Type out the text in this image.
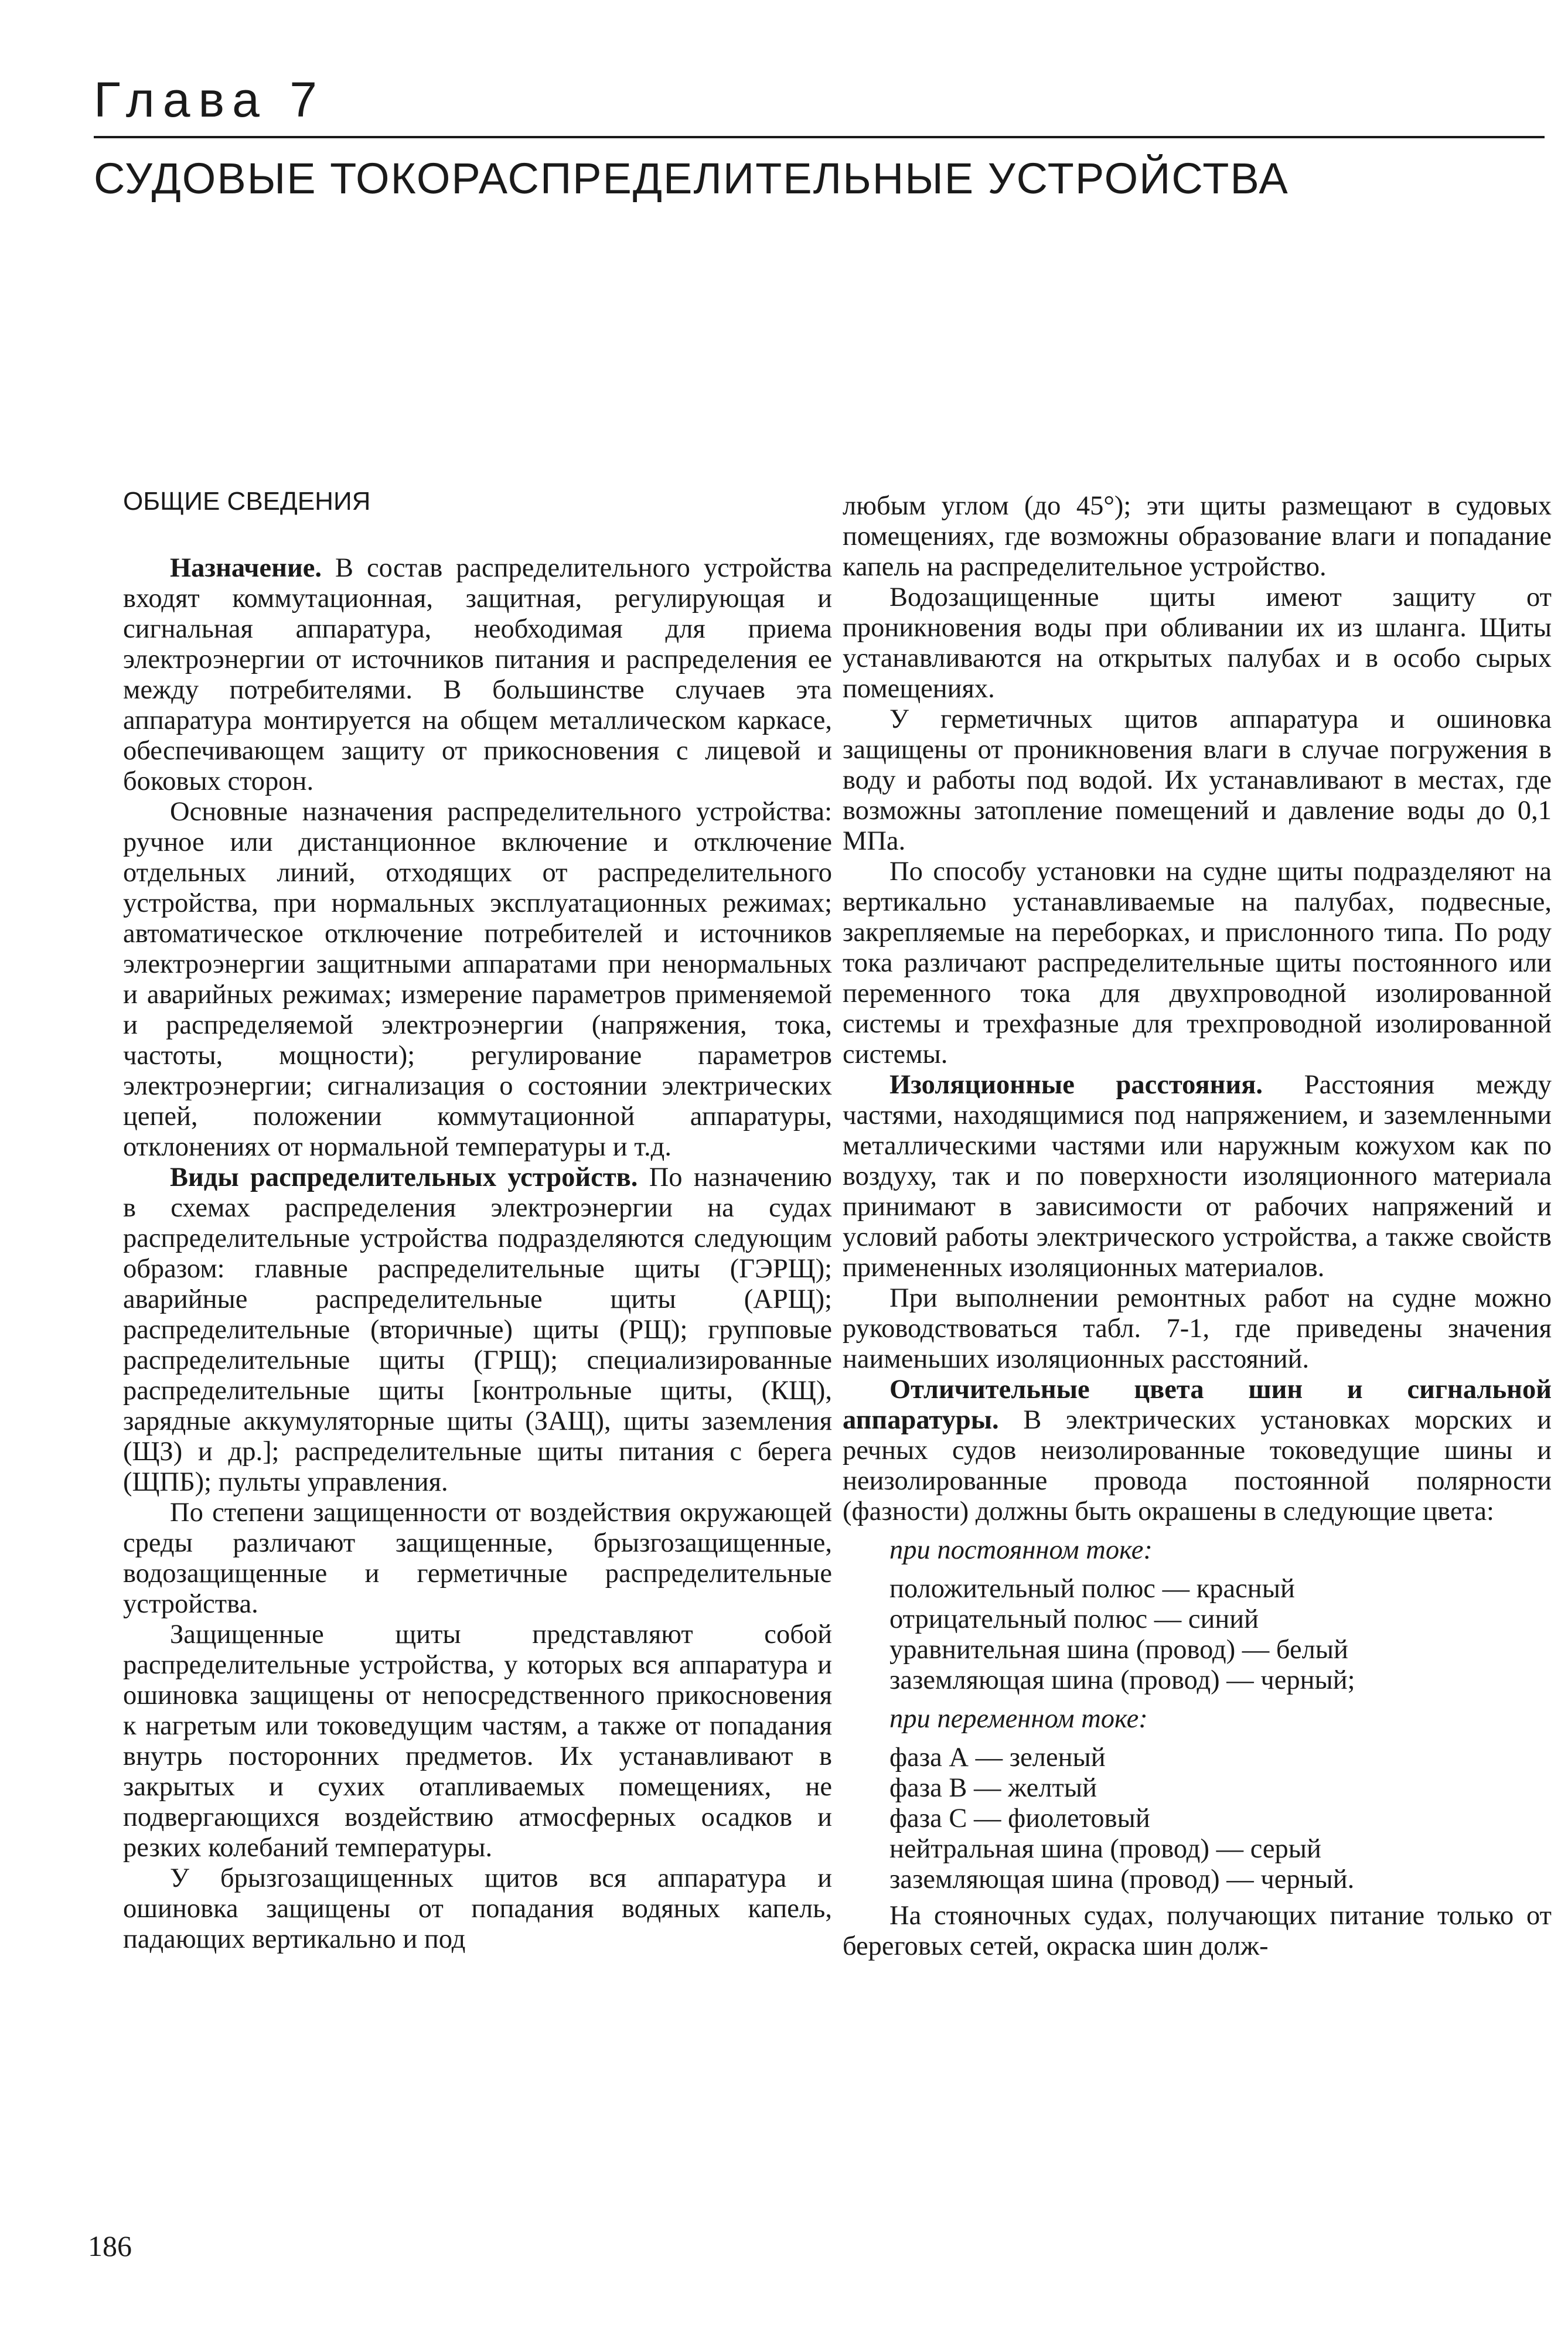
Глава 7
СУДОВЫЕ ТОКОРАСПРЕДЕЛИТЕЛЬНЫЕ УСТРОЙСТВА
ОБЩИЕ СВЕДЕНИЯ

Назначение. В состав распределительного устройства входят коммутационная, защитная, регулирующая и сигнальная аппаратура, необходимая для приема электроэнергии от источников питания и распределения ее между потребителями. В большинстве случаев эта аппаратура монтируется на общем металлическом каркасе, обеспечивающем защиту от прикосновения с лицевой и боковых сторон.

Основные назначения распределительного устройства: ручное или дистанционное включение и отключение отдельных линий, отходящих от распределительного устройства, при нормальных эксплуатационных режимах; автоматическое отключение потребителей и источников электроэнергии защитными аппаратами при ненормальных и аварийных режимах; измерение параметров применяемой и распределяемой электроэнергии (напряжения, тока, частоты, мощности); регулирование параметров электроэнергии; сигнализация о состоянии электрических цепей, положении коммутационной аппаратуры, отклонениях от нормальной температуры и т.д.

Виды распределительных устройств. По назначению в схемах распределения электроэнергии на судах распределительные устройства подразделяются следующим образом: главные распределительные щиты (ГЭРЩ); аварийные распределительные щиты (АРЩ); распределительные (вторичные) щиты (РЩ); групповые распределительные щиты (ГРЩ); специализированные распределительные щиты [контрольные щиты, (КЩ), зарядные аккумуляторные щиты (ЗАЩ), щиты заземления (ЩЗ) и др.]; распределительные щиты питания с берега (ЩПБ); пульты управления.

По степени защищенности от воздействия окружающей среды различают защищенные, брызгозащищенные, водозащищенные и герметичные распределительные устройства.

Защищенные щиты представляют собой распределительные устройства, у которых вся аппаратура и ошиновка защищены от непосредственного прикосновения к нагретым или токоведущим частям, а также от попадания внутрь посторонних предметов. Их устанавливают в закрытых и сухих отапливаемых помещениях, не подвергающихся воздействию атмосферных осадков и резких колебаний температуры.

У брызгозащищенных щитов вся аппаратура и ошиновка защищены от попадания водяных капель, падающих вертикально и под

любым углом (до 45°); эти щиты размещают в судовых помещениях, где возможны образование влаги и попадание капель на распределительное устройство.

Водозащищенные щиты имеют защиту от проникновения воды при обливании их из шланга. Щиты устанавливаются на открытых палубах и в особо сырых помещениях.

У герметичных щитов аппаратура и ошиновка защищены от проникновения влаги в случае погружения в воду и работы под водой. Их устанавливают в местах, где возможны затопление помещений и давление воды до 0,1 МПа.

По способу установки на судне щиты подразделяют на вертикально устанавливаемые на палубах, подвесные, закрепляемые на переборках, и прислонного типа. По роду тока различают распределительные щиты постоянного или переменного тока для двухпроводной изолированной системы и трехфазные для трехпроводной изолированной системы.

Изоляционные расстояния. Расстояния между частями, находящимися под напряжением, и заземленными металлическими частями или наружным кожухом как по воздуху, так и по поверхности изоляционного материала принимают в зависимости от рабочих напряжений и условий работы электрического устройства, а также свойств примененных изоляционных материалов.

При выполнении ремонтных работ на судне можно руководствоваться табл. 7-1, где приведены значения наименьших изоляционных расстояний.

Отличительные цвета шин и сигнальной аппаратуры. В электрических установках морских и речных судов неизолированные токоведущие шины и неизолированные провода постоянной полярности (фазности) должны быть окрашены в следующие цвета:

при постоянном токе:
положительный полюс — красный
отрицательный полюс — синий
уравнительная шина (провод) — белый
заземляющая шина (провод) — черный;
при переменном токе:
фаза А — зеленый
фаза В — желтый
фаза С — фиолетовый
нейтральная шина (провод) — серый
заземляющая шина (провод) — черный.

На стояночных судах, получающих питание только от береговых сетей, окраска шин долж-

186
